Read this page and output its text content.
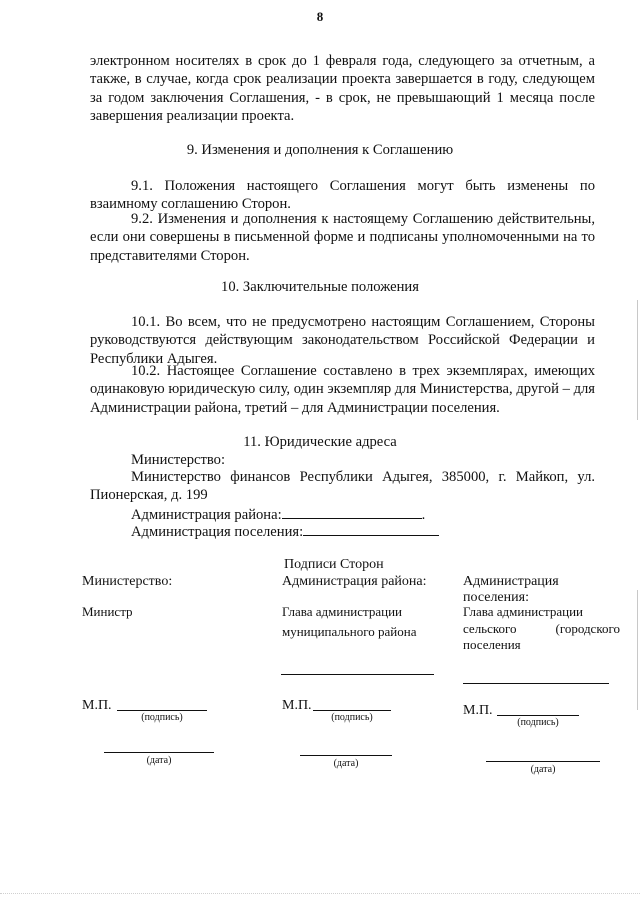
8
электронном носителях в срок до 1 февраля года, следующего за отчетным, а также, в случае, когда срок реализации проекта завершается в году, следующем за годом заключения Соглашения, - в срок, не превышающий 1 месяца после завершения реализации проекта.
9. Изменения и дополнения к Соглашению
9.1. Положения настоящего Соглашения могут быть изменены по взаимному соглашению Сторон.
9.2. Изменения и дополнения к настоящему Соглашению действительны, если они совершены в письменной форме и подписаны уполномоченными на то представителями Сторон.
10. Заключительные положения
10.1. Во всем, что не предусмотрено настоящим Соглашением, Стороны руководствуются действующим законодательством Российской Федерации и Республики Адыгея.
10.2. Настоящее Соглашение составлено в трех экземплярах, имеющих одинаковую юридическую силу, один экземпляр для Министерства, другой – для Администрации района, третий – для Администрации поселения.
11. Юридические адреса
Министерство:
Министерство финансов Республики Адыгея, 385000, г. Майкоп, ул. Пионерская, д. 199
Администрация района:	.
Администрация поселения:
Подписи Сторон
Министерство:
Министр
М.П.
(подпись)
(дата)
Администрация района:
Глава администрации
муниципального района
М.П.
(подпись)
(дата)
Администрация
поселения:
Глава администрации
сельского	(городского
поселения
М.П.
(подпись)
(дата)
